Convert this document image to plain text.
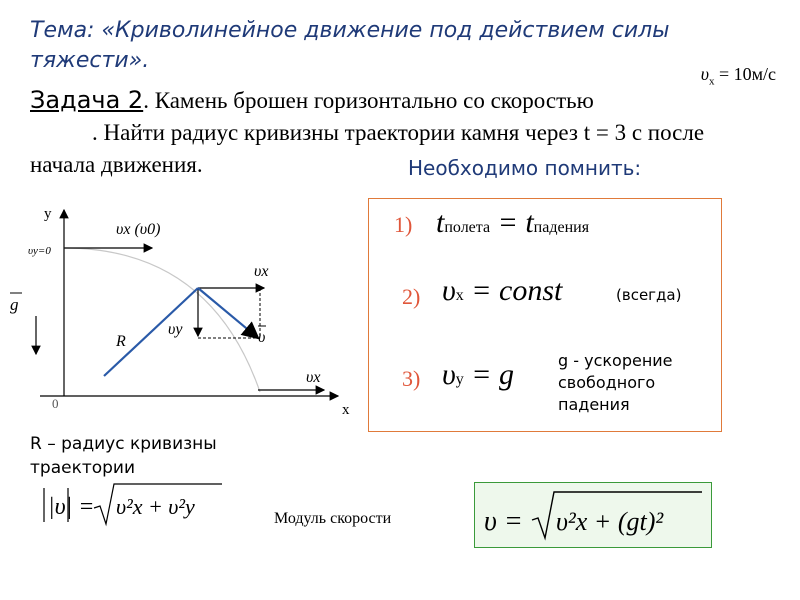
Тема: «Криволинейное движение под действием силы тяжести».
Задача 2. Камень брошен горизонтально со скоростью
. Найти радиус кривизны траектории камня через t = 3 с после начала движения.
$\upsilon_x = 10м/с$
Необходимо помнить:
1) tполета = tпадения
2) υx = const	(всегда)
3) υy = g	g - ускорение свободного падения
y
x
0
υy=0
υx (υ0)
g
υx
υy	υ
R
υx
R – радиус кривизны траектории
|υ| = υ²x + υ²y	Модуль скорости	υ = υ²x + (gt)²
